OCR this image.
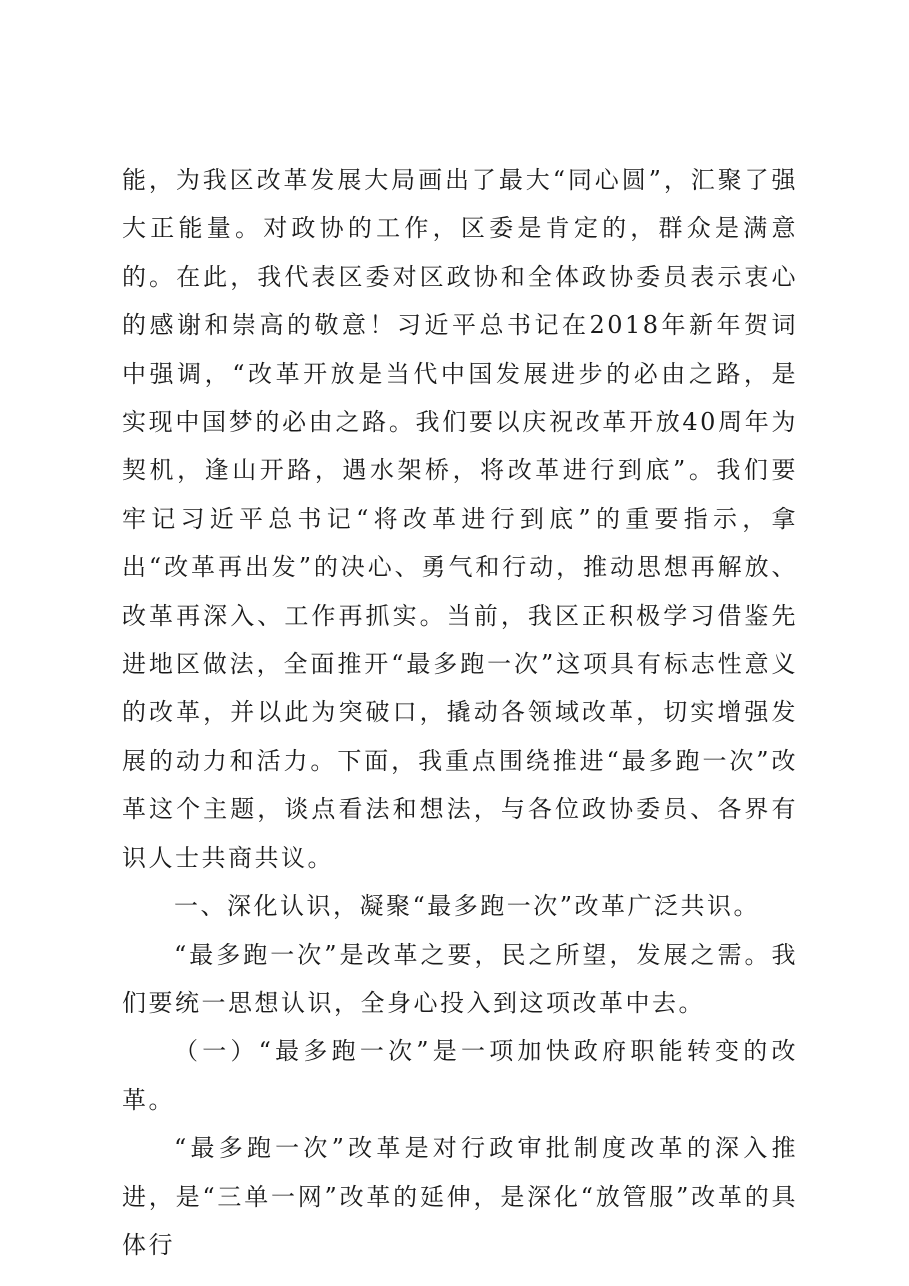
能，为我区改革发展大局画出了最大“同心圆”，汇聚了强大正能量。对政协的工作，区委是肯定的，群众是满意的。在此，我代表区委对区政协和全体政协委员表示衷心的感谢和崇高的敬意！习近平总书记在2018年新年贺词中强调，“改革开放是当代中国发展进步的必由之路，是实现中国梦的必由之路。我们要以庆祝改革开放40周年为契机，逢山开路，遇水架桥，将改革进行到底”。我们要牢记习近平总书记“将改革进行到底”的重要指示，拿出“改革再出发”的决心、勇气和行动，推动思想再解放、改革再深入、工作再抓实。当前，我区正积极学习借鉴先进地区做法，全面推开“最多跑一次”这项具有标志性意义的改革，并以此为突破口，撬动各领域改革，切实增强发展的动力和活力。下面，我重点围绕推进“最多跑一次”改革这个主题，谈点看法和想法，与各位政协委员、各界有识人士共商共议。

一、深化认识，凝聚“最多跑一次”改革广泛共识。

“最多跑一次”是改革之要，民之所望，发展之需。我们要统一思想认识，全身心投入到这项改革中去。

（一）“最多跑一次”是一项加快政府职能转变的改革。

“最多跑一次”改革是对行政审批制度改革的深入推进，是“三单一网”改革的延伸，是深化“放管服”改革的具体行
